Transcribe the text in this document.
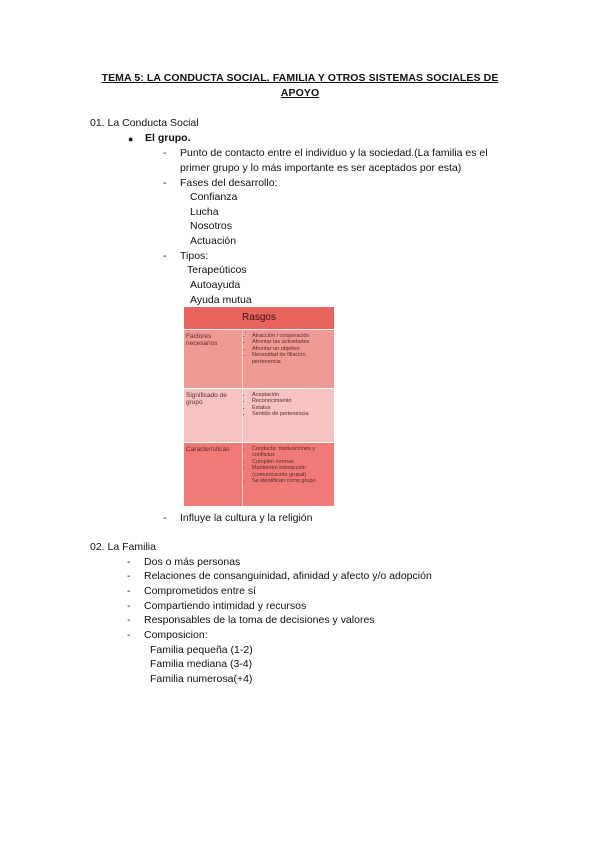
TEMA 5: LA CONDUCTA SOCIAL. FAMILIA Y OTROS SISTEMAS SOCIALES DE
APOYO
01. La Conducta Social
● El grupo.
- Punto de contacto entre el individuo y la sociedad.(La familia es el
primer grupo y lo más importante es ser aceptados por esta)
- Fases del desarrollo:
Confianza
Lucha
Nosotros
Actuación
- Tipos:
Terapeúticos
Autoayuda
Ayuda mutua
Rasgos
Factores necesarios
• Atracción / cooperación
• Afrontar las actividades
• Afrontar un objetivo
• Necesidad de filiación pertenencia
Significado de grupo
• Aceptación
• Reconocimiento
• Estatus
• Sentido de pertenencia
Características
•	Conducta: motivaciones y conflictos
• Cumplen normas
• Mantienen interacción (comunicación grupal)
• Se identifican como grupo
- Influye la cultura y la religión
02. La Familia
- Dos o más personas
- Relaciones de consanguinidad, afinidad y afecto y/o adopción
- Comprometidos entre sí
- Compartiendo intimidad y recursos
- Responsables de la toma de decisiones y valores
- Composicion:
Familia pequeña (1-2)
Familia mediana (3-4)
Familia numerosa(+4)
